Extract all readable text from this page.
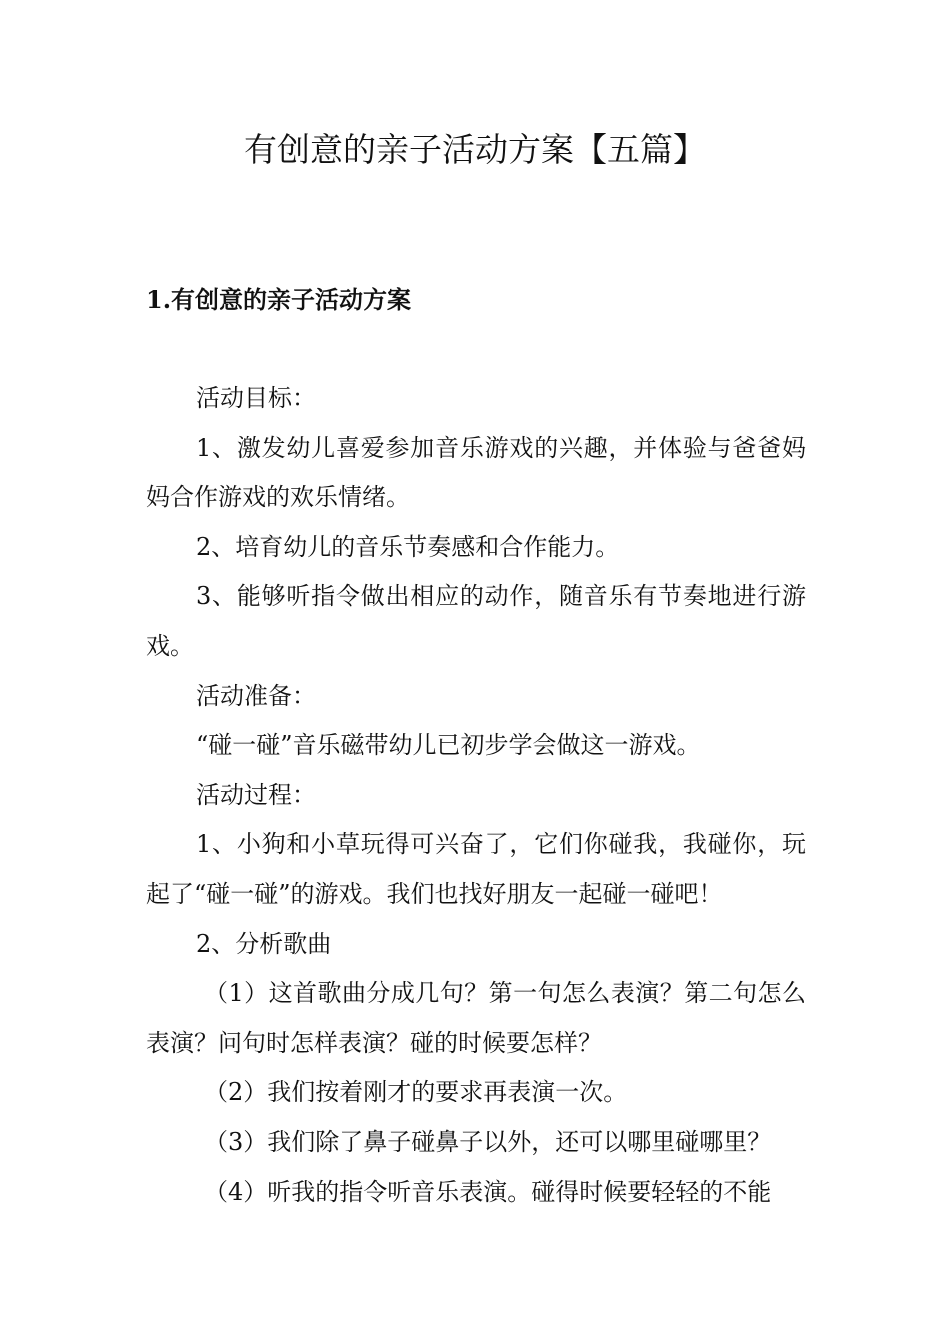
有创意的亲子活动方案【五篇】
1.有创意的亲子活动方案

活动目标：

1、激发幼儿喜爱参加音乐游戏的兴趣，并体验与爸爸妈妈合作游戏的欢乐情绪。

2、培育幼儿的音乐节奏感和合作能力。

3、能够听指令做出相应的动作，随音乐有节奏地进行游戏。

活动准备：

“碰一碰”音乐磁带幼儿已初步学会做这一游戏。

活动过程：

1、小狗和小草玩得可兴奋了，它们你碰我，我碰你，玩起了“碰一碰”的游戏。我们也找好朋友一起碰一碰吧！

2、分析歌曲

（1）这首歌曲分成几句？第一句怎么表演？第二句怎么表演？问句时怎样表演？碰的时候要怎样？

（2）我们按着刚才的要求再表演一次。

（3）我们除了鼻子碰鼻子以外，还可以哪里碰哪里？

（4）听我的指令听音乐表演。碰得时候要轻轻的不能
